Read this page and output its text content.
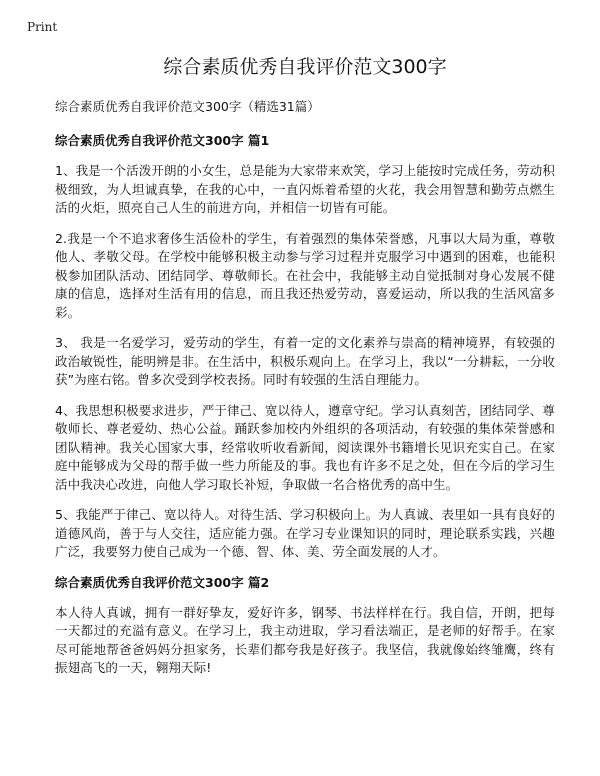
Print
综合素质优秀自我评价范文300字

综合素质优秀自我评价范文300字（精选31篇）

综合素质优秀自我评价范文300字 篇1

1、我是一个活泼开朗的小女生，总是能为大家带来欢笑，学习上能按时完成任务，劳动积极细致，为人坦诚真挚，在我的心中，一直闪烁着希望的火花，我会用智慧和勤劳点燃生活的火炬，照亮自己人生的前进方向，并相信一切皆有可能。

2.我是一个不追求奢侈生活俭朴的学生，有着强烈的集体荣誉感，凡事以大局为重，尊敬他人、孝敬父母。在学校中能够积极主动参与学习过程并克服学习中遇到的困难，也能积极参加团队活动、团结同学、尊敬师长。在社会中，我能够主动自觉抵制对身心发展不健康的信息，选择对生活有用的信息，而且我还热爱劳动，喜爱运动，所以我的生活风富多彩。

3、 我是一名爱学习，爱劳动的学生，有着一定的文化素养与崇高的精神境界，有较强的政治敏锐性，能明辨是非。在生活中，积极乐观向上。在学习上，我以“一分耕耘，一分收获”为座右铭。曾多次受到学校表扬。同时有较强的生活自理能力。

4、我思想积极要求进步，严于律己、宽以待人，遵章守纪。学习认真刻苦，团结同学、尊敬师长、尊老爱幼、热心公益。踊跃参加校内外组织的各项活动，有较强的集体荣誉感和团队精神。我关心国家大事，经常收听收看新闻，阅读课外书籍增长见识充实自己。在家庭中能够成为父母的帮手做一些力所能及的事。我也有许多不足之处，但在今后的学习生活中我决心改进，向他人学习取长补短，争取做一名合格优秀的高中生。

5、我能严于律己、宽以待人。对待生活、学习积极向上。为人真诚、表里如一具有良好的道德风尚，善于与人交往，适应能力强。在学习专业课知识的同时，理论联系实践，兴趣广泛，我要努力使自己成为一个德、智、体、美、劳全面发展的人才。

综合素质优秀自我评价范文300字 篇2

本人待人真诚，拥有一群好挚友，爱好许多，钢琴、书法样样在行。我自信，开朗，把每一天都过的充溢有意义。在学习上，我主动进取，学习看法端正，是老师的好帮手。在家尽可能地帮爸爸妈妈分担家务，长辈们都夸我是好孩子。我坚信，我就像始终雏鹰，终有振翅高飞的一天，翱翔天际!
